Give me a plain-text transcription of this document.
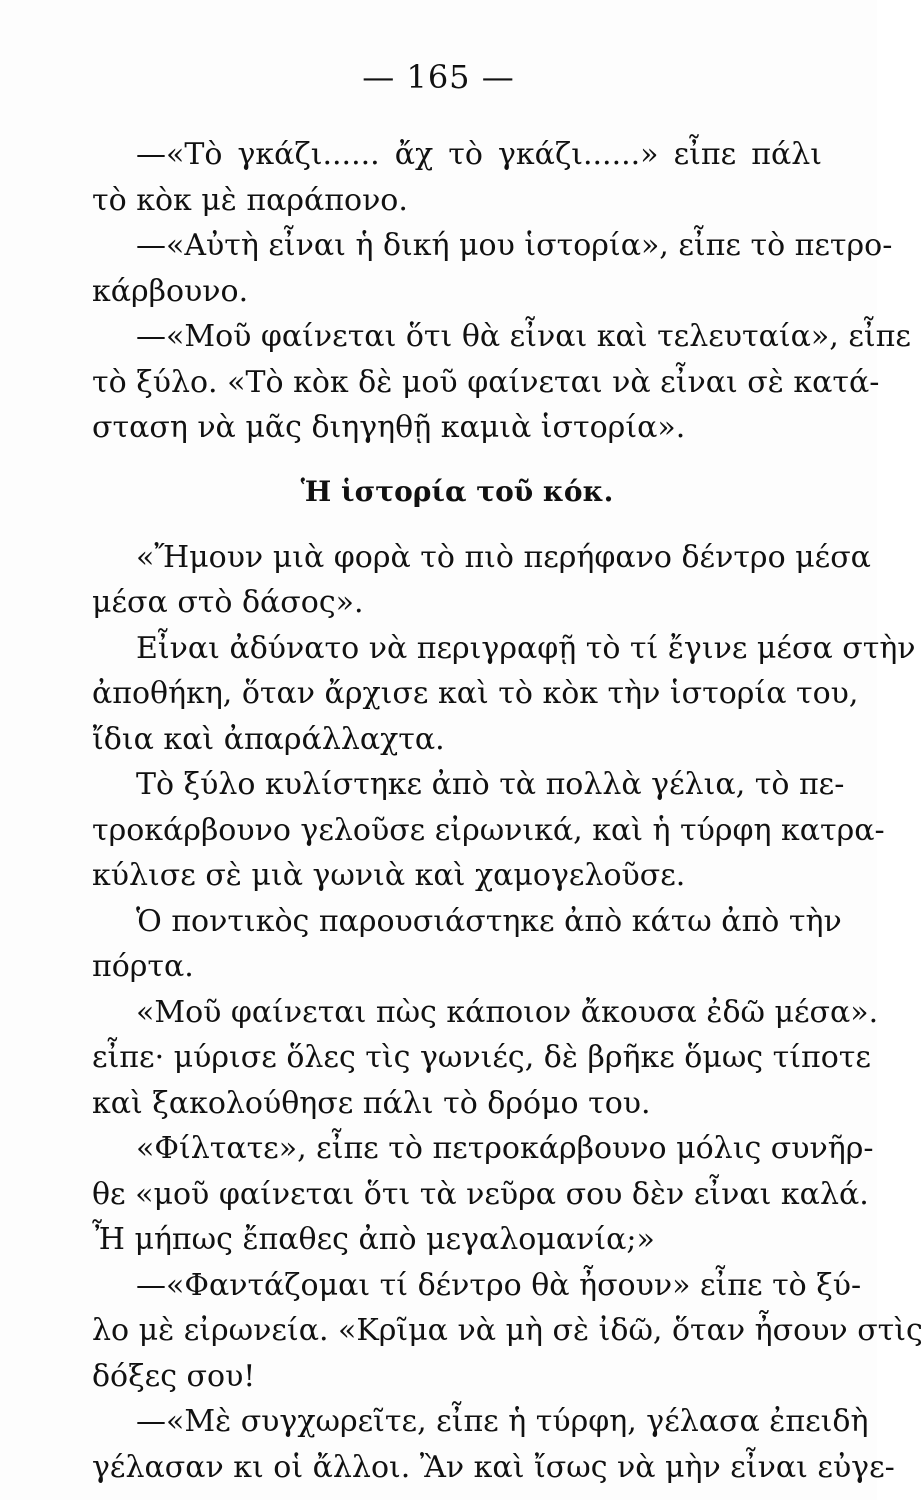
— 165 —
—«Τὸ γκάζι...... ἄχ τὸ γκάζι......» εἶπε πάλι
τὸ κὸκ μὲ παράπονο.
—«Αὐτὴ εἶναι ἡ δική μου ἱστορία», εἶπε τὸ πετρο-
κάρβουνο.
—«Μοῦ φαίνεται ὅτι θὰ εἶναι καὶ τελευταία», εἶπε
τὸ ξύλο. «Τὸ κὸκ δὲ μοῦ φαίνεται νὰ εἶναι σὲ κατά-
σταση νὰ μᾶς διηγηθῇ καμιὰ ἱστορία».
Ἡ ἱστορία τοῦ κόκ.
«Ἤμουν μιὰ φορὰ τὸ πιὸ περήφανο δέντρο μέσα
μέσα στὸ δάσος».
Εἶναι ἀδύνατο νὰ περιγραφῇ τὸ τί ἔγινε μέσα στὴν
ἀποθήκη, ὅταν ἄρχισε καὶ τὸ κὸκ τὴν ἱστορία του,
ἴδια καὶ ἀπαράλλαχτα.
Τὸ ξύλο κυλίστηκε ἀπὸ τὰ πολλὰ γέλια, τὸ πε-
τροκάρβουνο γελοῦσε εἰρωνικά, καὶ ἡ τύρφη κατρα-
κύλισε σὲ μιὰ γωνιὰ καὶ χαμογελοῦσε.
Ὁ ποντικὸς παρουσιάστηκε ἀπὸ κάτω ἀπὸ τὴν
πόρτα.
«Μοῦ φαίνεται πὼς κάποιον ἄκουσα ἐδῶ μέσα».
εἶπε· μύρισε ὅλες τὶς γωνιές, δὲ βρῆκε ὅμως τίποτε
καὶ ξακολούθησε πάλι τὸ δρόμο του.
«Φίλτατε», εἶπε τὸ πετροκάρβουνο μόλις συνῆρ-
θε «μοῦ φαίνεται ὅτι τὰ νεῦρα σου δὲν εἶναι καλά.
Ἦ μήπως ἔπαθες ἀπὸ μεγαλομανία;»
—«Φαντάζομαι τί δέντρο θὰ ἦσουν» εἶπε τὸ ξύ-
λο μὲ εἰρωνεία. «Κρῖμα νὰ μὴ σὲ ἰδῶ, ὅταν ἦσουν στὶς
δόξες σου!
—«Μὲ συγχωρεῖτε, εἶπε ἡ τύρφη, γέλασα ἐπειδὴ
γέλασαν κι οἱ ἄλλοι. Ἂν καὶ ἴσως νὰ μὴν εἶναι εὐγε-
